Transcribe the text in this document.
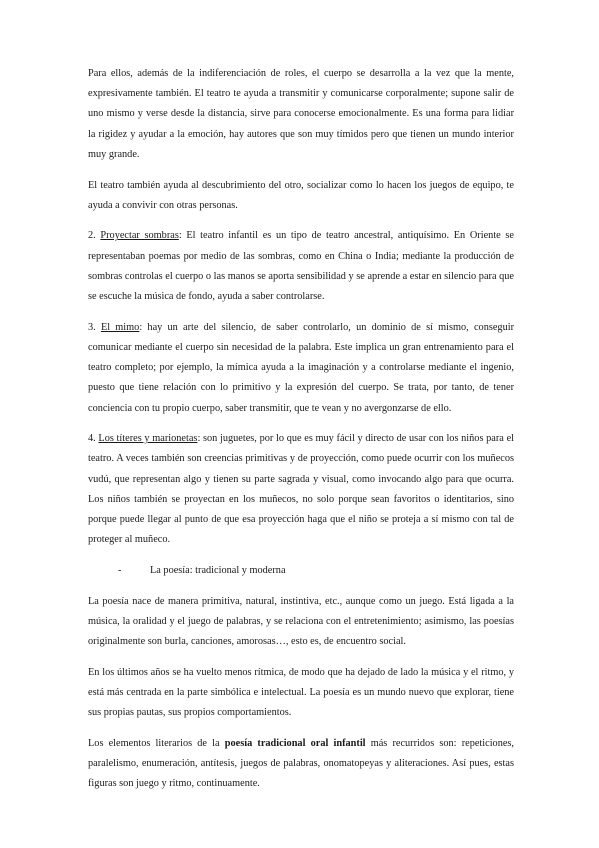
Para ellos, además de la indiferenciación de roles, el cuerpo se desarrolla a la vez que la mente, expresivamente también. El teatro te ayuda a transmitir y comunicarse corporalmente; supone salir de uno mismo y verse desde la distancia, sirve para conocerse emocionalmente. Es una forma para lidiar la rigidez y ayudar a la emoción, hay autores que son muy tímidos pero que tienen un mundo interior muy grande.

El teatro también ayuda al descubrimiento del otro, socializar como lo hacen los juegos de equipo, te ayuda a convivir con otras personas.

2. Proyectar sombras: El teatro infantil es un tipo de teatro ancestral, antiquísimo. En Oriente se representaban poemas por medio de las sombras, como en China o India; mediante la producción de sombras controlas el cuerpo o las manos se aporta sensibilidad y se aprende a estar en silencio para que se escuche la música de fondo, ayuda a saber controlarse.

3. El mimo: hay un arte del silencio, de saber controlarlo, un dominio de sí mismo, conseguir comunicar mediante el cuerpo sin necesidad de la palabra. Este implica un gran entrenamiento para el teatro completo; por ejemplo, la mímica ayuda a la imaginación y a controlarse mediante el ingenio, puesto que tiene relación con lo primitivo y la expresión del cuerpo. Se trata, por tanto, de tener conciencia con tu propio cuerpo, saber transmitir, que te vean y no avergonzarse de ello.

4. Los títeres y marionetas: son juguetes, por lo que es muy fácil y directo de usar con los niños para el teatro. A veces también son creencias primitivas y de proyección, como puede ocurrir con los muñecos vudú, que representan algo y tienen su parte sagrada y visual, como invocando algo para que ocurra. Los niños también se proyectan en los muñecos, no solo porque sean favoritos o identitarios, sino porque puede llegar al punto de que esa proyección haga que el niño se proteja a sí mismo con tal de proteger al muñeco.

-	La poesía: tradicional y moderna

La poesía nace de manera primitiva, natural, instintiva, etc., aunque como un juego. Está ligada a la música, la oralidad y el juego de palabras, y se relaciona con el entretenimiento; asimismo, las poesías originalmente son burla, canciones, amorosas…, esto es, de encuentro social.

En los últimos años se ha vuelto menos rítmica, de modo que ha dejado de lado la música y el ritmo, y está más centrada en la parte simbólica e intelectual. La poesía es un mundo nuevo que explorar, tiene sus propias pautas, sus propios comportamientos.

Los elementos literarios de la poesía tradicional oral infantil más recurridos son: repeticiones, paralelismo, enumeración, antítesis, juegos de palabras, onomatopeyas y aliteraciones. Así pues, estas figuras son juego y ritmo, continuamente.
